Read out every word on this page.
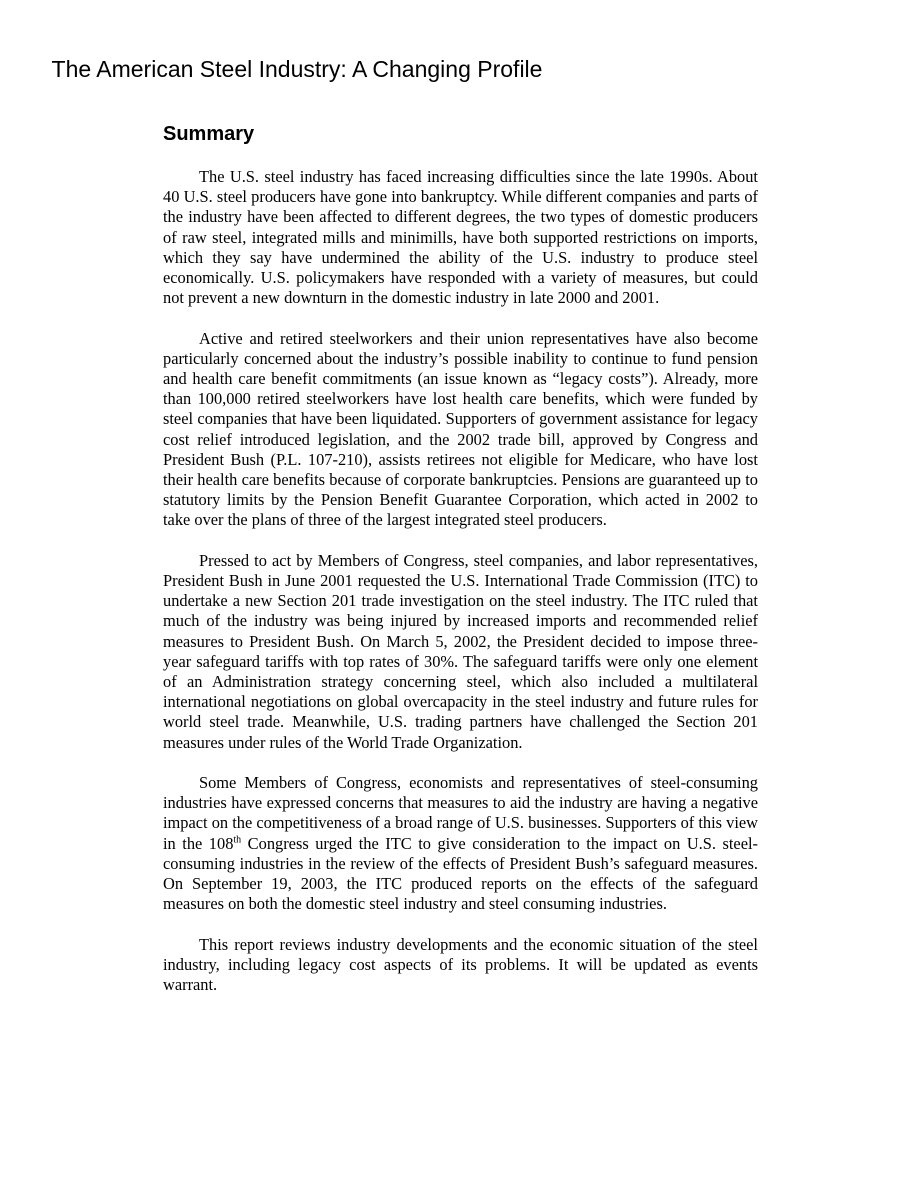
The American Steel Industry: A Changing Profile
Summary

The U.S. steel industry has faced increasing difficulties since the late 1990s. About 40 U.S. steel producers have gone into bankruptcy. While different companies and parts of the industry have been affected to different degrees, the two types of domestic producers of raw steel, integrated mills and minimills, have both supported restrictions on imports, which they say have undermined the ability of the U.S. industry to produce steel economically. U.S. policymakers have responded with a variety of measures, but could not prevent a new downturn in the domestic industry in late 2000 and 2001.

Active and retired steelworkers and their union representatives have also become particularly concerned about the industry’s possible inability to continue to fund pension and health care benefit commitments (an issue known as “legacy costs”). Already, more than 100,000 retired steelworkers have lost health care benefits, which were funded by steel companies that have been liquidated. Supporters of government assistance for legacy cost relief introduced legislation, and the 2002 trade bill, approved by Congress and President Bush (P.L. 107-210), assists retirees not eligible for Medicare, who have lost their health care benefits because of corporate bankruptcies. Pensions are guaranteed up to statutory limits by the Pension Benefit Guarantee Corporation, which acted in 2002 to take over the plans of three of the largest integrated steel producers.

Pressed to act by Members of Congress, steel companies, and labor representatives, President Bush in June 2001 requested the U.S. International Trade Commission (ITC) to undertake a new Section 201 trade investigation on the steel industry. The ITC ruled that much of the industry was being injured by increased imports and recommended relief measures to President Bush. On March 5, 2002, the President decided to impose three-year safeguard tariffs with top rates of 30%. The safeguard tariffs were only one element of an Administration strategy concerning steel, which also included a multilateral international negotiations on global overcapacity in the steel industry and future rules for world steel trade. Meanwhile, U.S. trading partners have challenged the Section 201 measures under rules of the World Trade Organization.

Some Members of Congress, economists and representatives of steel-consuming industries have expressed concerns that measures to aid the industry are having a negative impact on the competitiveness of a broad range of U.S. businesses. Supporters of this view in the 108th Congress urged the ITC to give consideration to the impact on U.S. steel-consuming industries in the review of the effects of President Bush’s safeguard measures. On September 19, 2003, the ITC produced reports on the effects of the safeguard measures on both the domestic steel industry and steel consuming industries.

This report reviews industry developments and the economic situation of the steel industry, including legacy cost aspects of its problems. It will be updated as events warrant.
